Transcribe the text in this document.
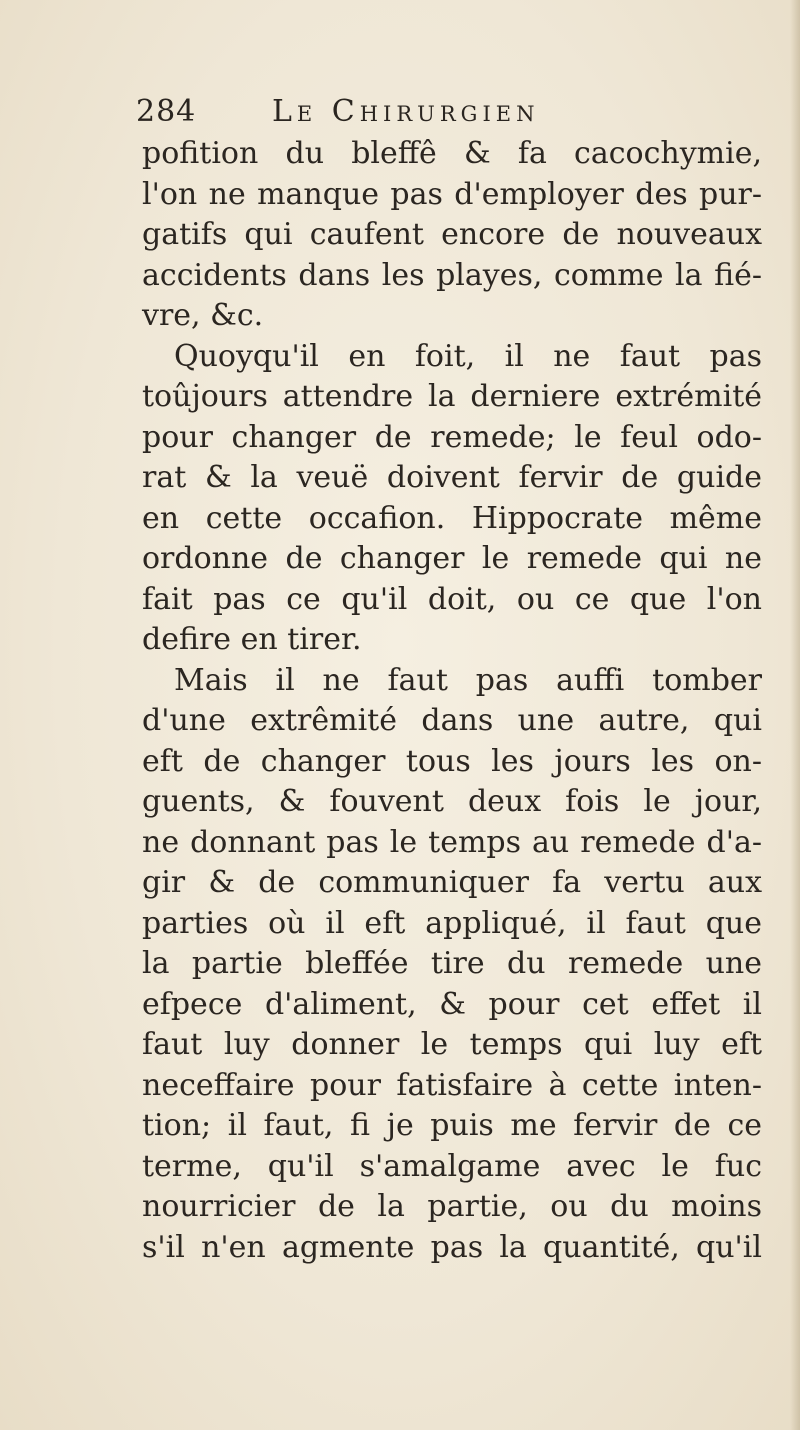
284	Le Chirurgien
pofition du bleffê & fa cacochymie,
l'on ne manque pas d'employer des pur-
gatifs qui caufent encore de nouveaux
accidents dans les playes, comme la fié-
vre, &c.
Quoyqu'il en foit, il ne faut pas
toûjours attendre la derniere extrémité
pour changer de remede; le feul odo-
rat & la veuë doivent fervir de guide
en cette occafion. Hippocrate même
ordonne de changer le remede qui ne
fait pas ce qu'il doit, ou ce que l'on
defire en tirer.
Mais il ne faut pas auffi tomber
d'une extrêmité dans une autre, qui
eft de changer tous les jours les on-
guents, & fouvent deux fois le jour,
ne donnant pas le temps au remede d'a-
gir & de communiquer fa vertu aux
parties où il eft appliqué, il faut que
la partie bleffée tire du remede une
efpece d'aliment, & pour cet effet il
faut luy donner le temps qui luy eft
neceffaire pour fatisfaire à cette inten-
tion; il faut, fi je puis me fervir de ce
terme, qu'il s'amalgame avec le fuc
nourricier de la partie, ou du moins
s'il n'en agmente pas la quantité, qu'il
